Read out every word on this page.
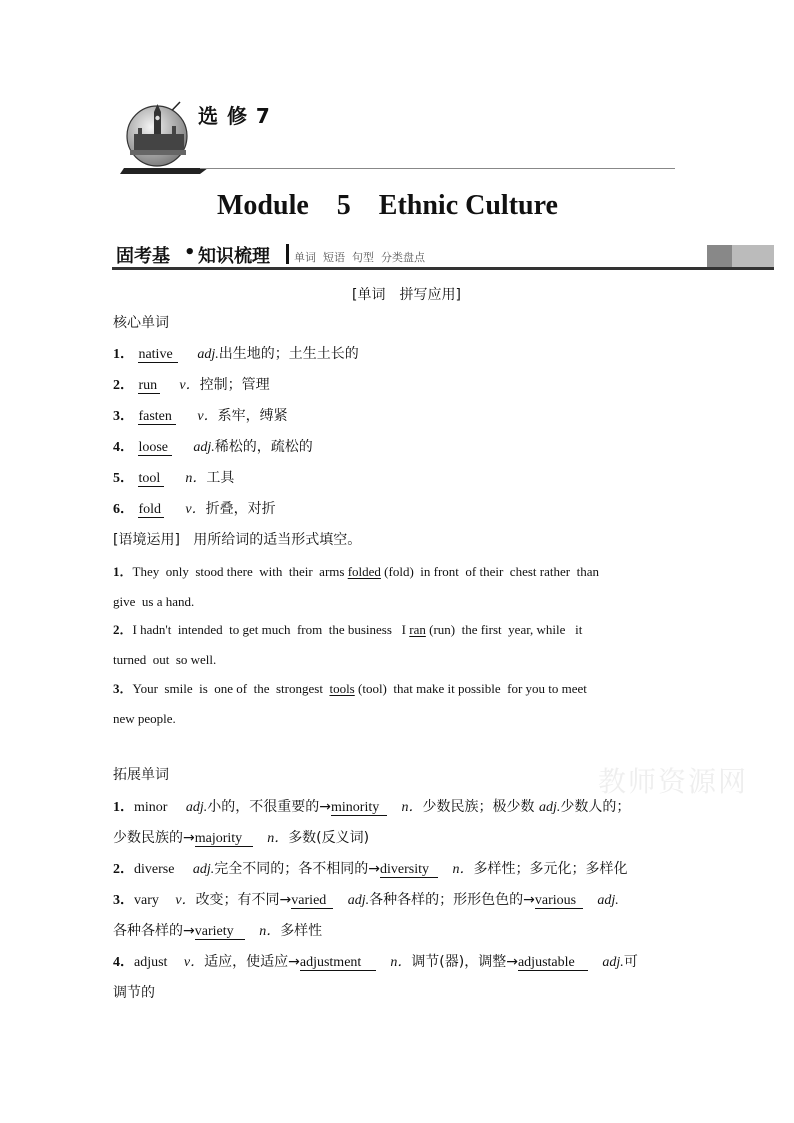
选 修 7
Module    5    Ethnic Culture
固考基 • 知识梳理 单词 短语 句型 分类盘点
[单词　拼写应用]
核心单词
1． native adj.出生地的；土生土长的
2． run v．控制；管理
3． fasten v．系牢，缚紧
4． loose adj.稀松的，疏松的
5． tool n．工具
6． fold v．折叠，对折
[语境运用] 用所给词的适当形式填空。
1．They  only  stood there  with  their  arms folded (fold)  in front  of their  chest rather  than
give  us a hand.
2．I hadn't  intended  to get much  from  the business   I ran (run)  the first  year, while   it
turned  out  so well.
3．Your  smile  is  one of  the  strongest  tools (tool)  that make it possible  for you to meet
new people.
教师资源网
拓展单词
1．minor adj.小的，不很重要的→minority n．少数民族；极少数 adj.少数人的；
少数民族的→majority n．多数(反义词)
2．diverse adj.完全不同的；各不相同的→diversity n．多样性；多元化；多样化
3．vary v．改变；有不同→varied adj.各种各样的；形形色色的→various adj.
各种各样的→variety n．多样性
4．adjust v．适应，使适应→adjustment n．调节(器)，调整→adjustable adj.可
调节的
